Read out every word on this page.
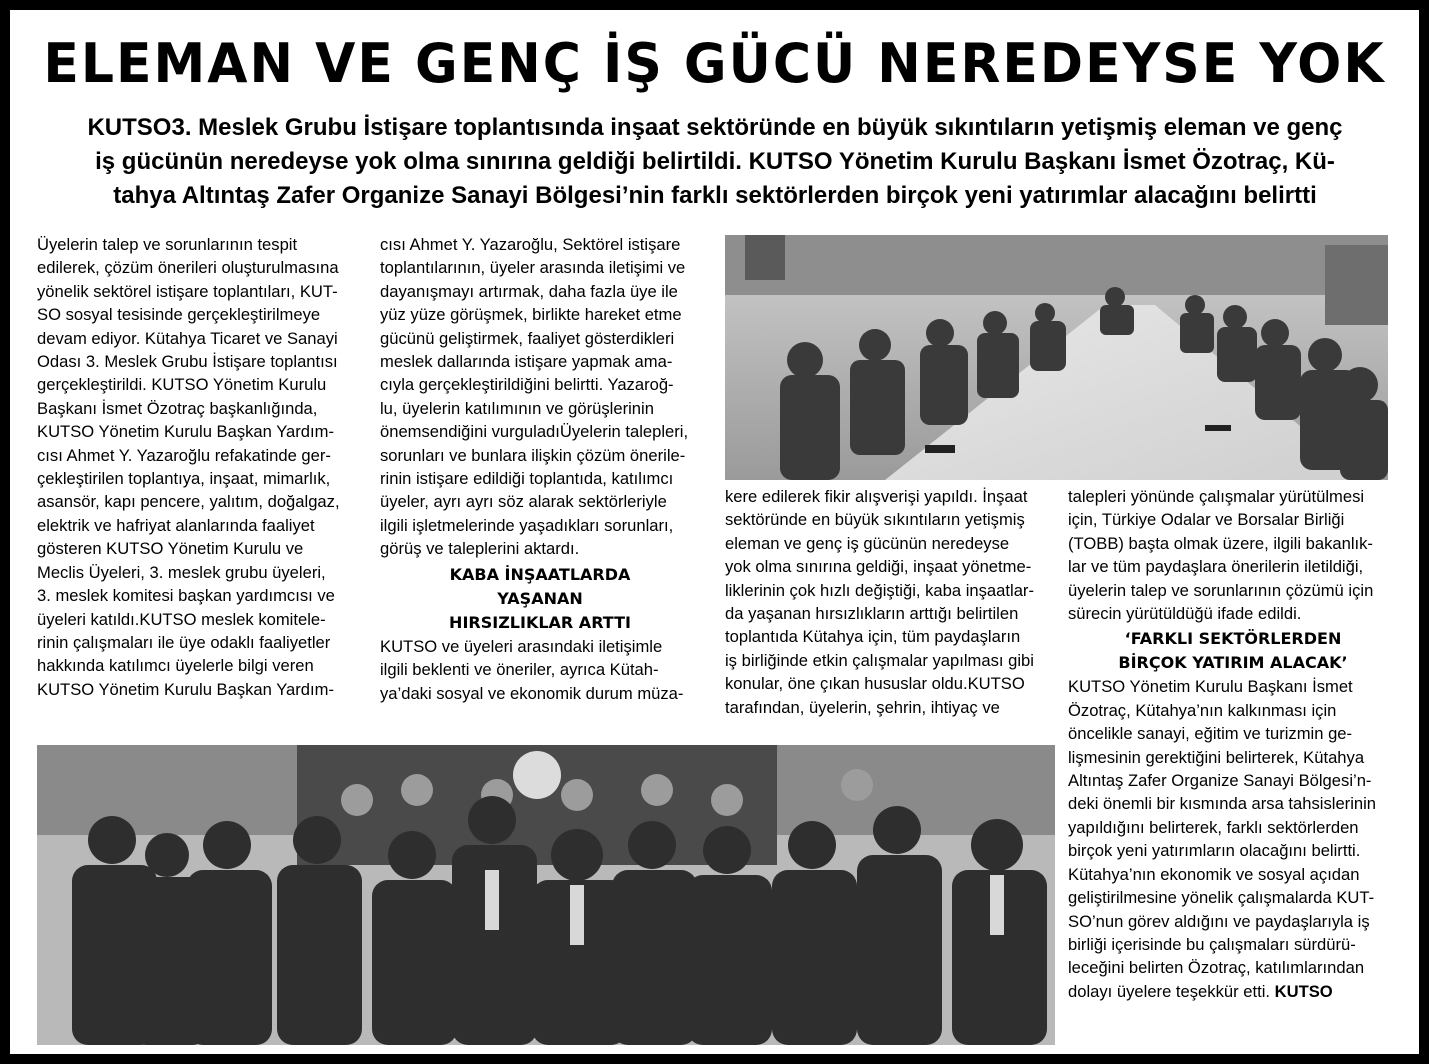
ELEMAN VE GENÇ İŞ GÜCÜ NEREDEYSE YOK
KUTSO3. Meslek Grubu İstişare toplantısında inşaat sektöründe en büyük sıkıntıların yetişmiş eleman ve genç
iş gücünün neredeyse yok olma sınırına geldiği belirtildi. KUTSO Yönetim Kurulu Başkanı İsmet Özotraç, Kü-
tahya Altıntaş Zafer Organize Sanayi Bölgesi’nin farklı sektörlerden birçok yeni yatırımlar alacağını belirtti

Üyelerin talep ve sorunlarının tespit

edilerek, çözüm önerileri oluşturulmasına

yönelik sektörel istişare toplantıları, KUT-

SO sosyal tesisinde gerçekleştirilmeye

devam ediyor. Kütahya Ticaret ve Sanayi

Odası 3. Meslek Grubu İstişare toplantısı

gerçekleştirildi. KUTSO Yönetim Kurulu

Başkanı İsmet Özotraç başkanlığında,

KUTSO Yönetim Kurulu Başkan Yardım-

cısı Ahmet Y. Yazaroğlu refakatinde ger-

çekleştirilen toplantıya, inşaat, mimarlık,

asansör, kapı pencere, yalıtım, doğalgaz,

elektrik ve hafriyat alanlarında faaliyet

gösteren KUTSO Yönetim Kurulu ve

Meclis Üyeleri, 3. meslek grubu üyeleri,

3. meslek komitesi başkan yardımcısı ve

üyeleri katıldı.KUTSO meslek komitele-

rinin çalışmaları ile üye odaklı faaliyetler

hakkında katılımcı üyelerle bilgi veren

KUTSO Yönetim Kurulu Başkan Yardım-

cısı Ahmet Y. Yazaroğlu, Sektörel istişare

toplantılarının, üyeler arasında iletişimi ve

dayanışmayı artırmak, daha fazla üye ile

yüz yüze görüşmek, birlikte hareket etme

gücünü geliştirmek, faaliyet gösterdikleri

meslek dallarında istişare yapmak ama-

cıyla gerçekleştirildiğini belirtti. Yazaroğ-

lu, üyelerin katılımının ve görüşlerinin

önemsendiğini vurguladıÜyelerin talepleri,

sorunları ve bunlara ilişkin çözüm önerile-

rinin istişare edildiği toplantıda, katılımcı

üyeler, ayrı ayrı söz alarak sektörleriyle

ilgili işletmelerinde yaşadıkları sorunları,

görüş ve taleplerini aktardı.

KABA İNŞAATLARDA
YAŞANAN
HIRSIZLIKLAR ARTTI

KUTSO ve üyeleri arasındaki iletişimle

ilgili beklenti ve öneriler, ayrıca Kütah-

ya’daki sosyal ve ekonomik durum müza-

kere edilerek fikir alışverişi yapıldı. İnşaat

sektöründe en büyük sıkıntıların yetişmiş

eleman ve genç iş gücünün neredeyse

yok olma sınırına geldiği, inşaat yönetme-

liklerinin çok hızlı değiştiği, kaba inşaatlar-

da yaşanan hırsızlıkların arttığı belirtilen

toplantıda Kütahya için, tüm paydaşların

iş birliğinde etkin çalışmalar yapılması gibi

konular, öne çıkan hususlar oldu.KUTSO

tarafından, üyelerin, şehrin, ihtiyaç ve

talepleri yönünde çalışmalar yürütülmesi

için, Türkiye Odalar ve Borsalar Birliği

(TOBB) başta olmak üzere, ilgili bakanlık-

lar ve tüm paydaşlara önerilerin iletildiği,

üyelerin talep ve sorunlarının çözümü için

sürecin yürütüldüğü ifade edildi.

‘FARKLI SEKTÖRLERDEN
BİRÇOK YATIRIM ALACAK’

KUTSO Yönetim Kurulu Başkanı İsmet

Özotraç, Kütahya’nın kalkınması için

öncelikle sanayi, eğitim ve turizmin ge-

lişmesinin gerektiğini belirterek, Kütahya

Altıntaş Zafer Organize Sanayi Bölgesi’n-

deki önemli bir kısmında arsa tahsislerinin

yapıldığını belirterek, farklı sektörlerden

birçok yeni yatırımların olacağını belirtti.

Kütahya’nın ekonomik ve sosyal açıdan

geliştirilmesine yönelik çalışmalarda KUT-

SO’nun görev aldığını ve paydaşlarıyla iş

birliği içerisinde bu çalışmaları sürdürü-

leceğini belirten Özotraç, katılımlarından

dolayı üyelere teşekkür etti. KUTSO
